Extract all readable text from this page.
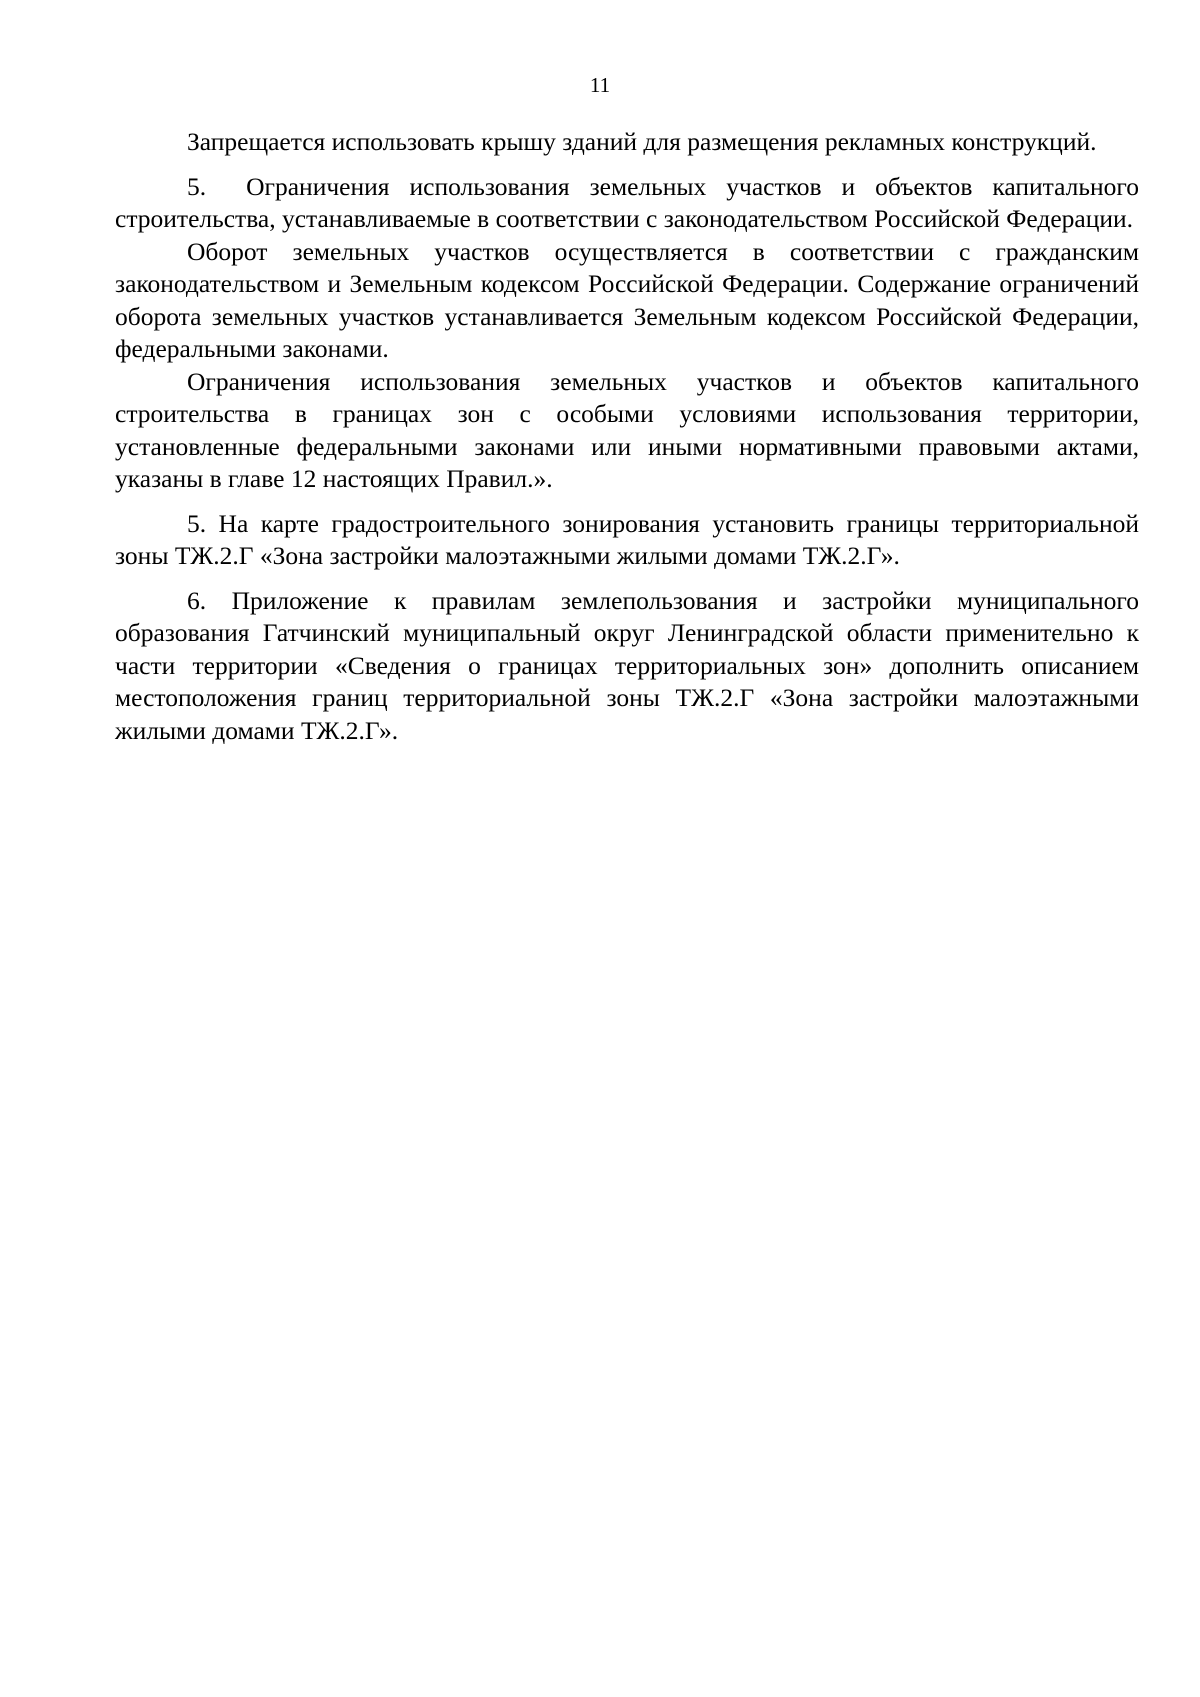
11

Запрещается использовать крышу зданий для размещения рекламных конструкций.

5.  Ограничения использования земельных участков и объектов капитального строительства, устанавливаемые в соответствии с законодательством Российской Федерации.

Оборот земельных участков осуществляется в соответствии с гражданским законодательством и Земельным кодексом Российской Федерации. Содержание ограничений оборота земельных участков устанавливается Земельным кодексом Российской Федерации, федеральными законами.

Ограничения использования земельных участков и объектов капитального строительства в границах зон с особыми условиями использования территории, установленные федеральными законами или иными нормативными правовыми актами, указаны в главе 12 настоящих Правил.».

5. На карте градостроительного зонирования установить границы территориальной зоны ТЖ.2.Г «Зона застройки малоэтажными жилыми домами ТЖ.2.Г».

6. Приложение к правилам землепользования и застройки муниципального образования Гатчинский муниципальный округ Ленинградской области применительно к части территории «Сведения о границах территориальных зон» дополнить описанием местоположения границ территориальной зоны ТЖ.2.Г «Зона застройки малоэтажными жилыми домами ТЖ.2.Г».
